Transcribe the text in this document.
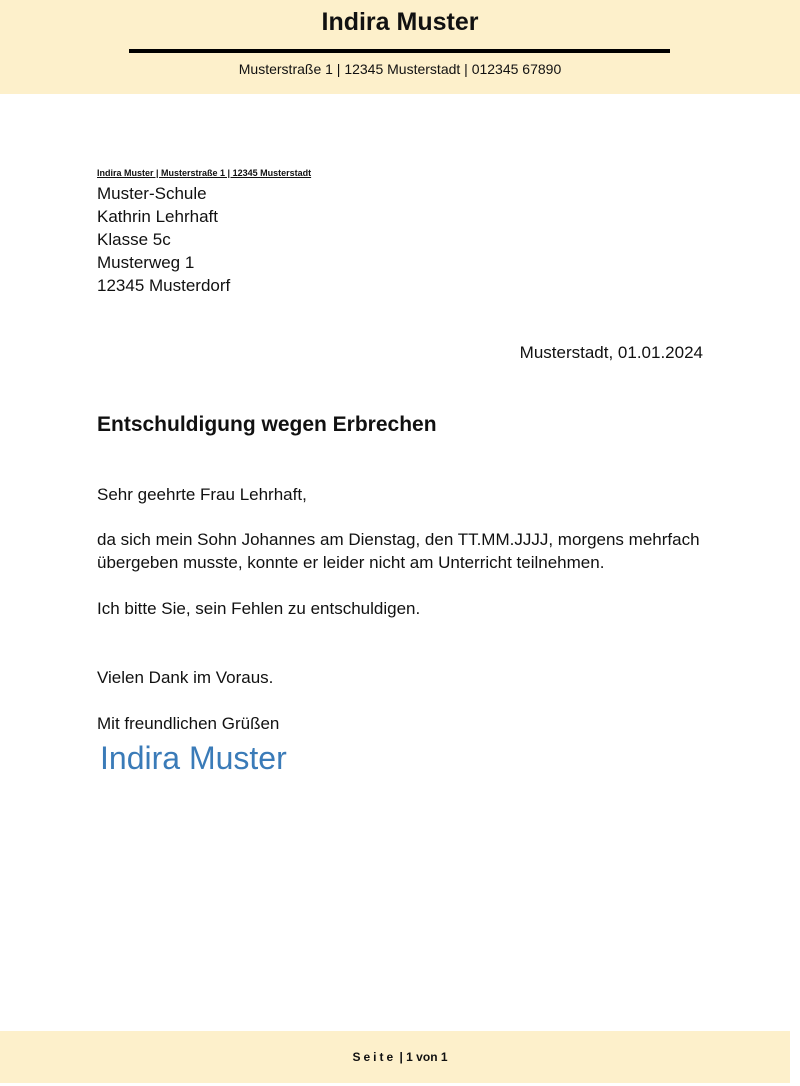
Indira Muster
Musterstraße 1 | 12345 Musterstadt | 012345 67890
Indira Muster | Musterstraße 1 | 12345 Musterstadt
Muster-Schule
Kathrin Lehrhaft
Klasse 5c
Musterweg 1
12345 Musterdorf
Musterstadt, 01.01.2024
Entschuldigung wegen Erbrechen
Sehr geehrte Frau Lehrhaft,
da sich mein Sohn Johannes am Dienstag, den TT.MM.JJJJ, morgens mehrfach übergeben musste, konnte er leider nicht am Unterricht teilnehmen.
Ich bitte Sie, sein Fehlen zu entschuldigen.
Vielen Dank im Voraus.
Mit freundlichen Grüßen
Indira Muster
Seite | 1 von 1
